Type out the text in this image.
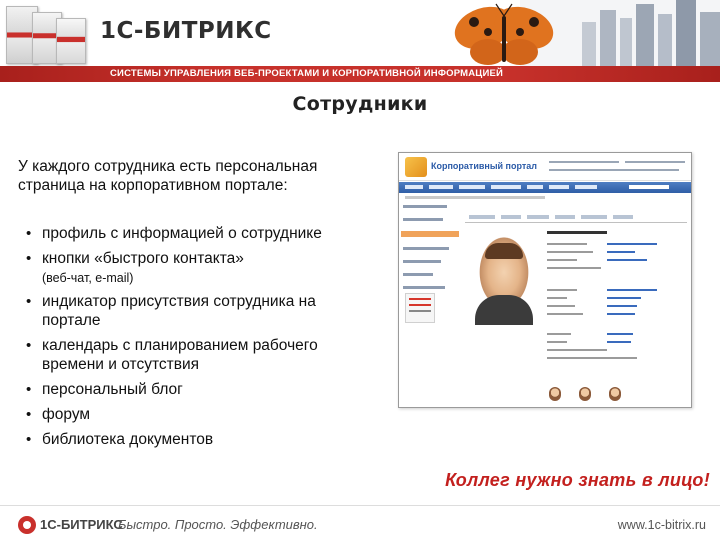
1С-БИТРИКС
СИСТЕМЫ УПРАВЛЕНИЯ ВЕБ-ПРОЕКТАМИ И КОРПОРАТИВНОЙ ИНФОРМАЦИЕЙ
Сотрудники
У каждого сотрудника есть персональная страница на корпоративном портале:
• профиль с информацией о сотруднике
• кнопки «быстрого контакта»
(веб-чат, e-mail)
• индикатор присутствия сотрудника на портале
• календарь с планированием рабочего времени и отсутствия
• персональный блог
• форум
• библиотека документов
Корпоративный портал
Коллег нужно знать в лицо!
1С-БИТРИКС
Быстро. Просто. Эффективно.	www.1c-bitrix.ru
